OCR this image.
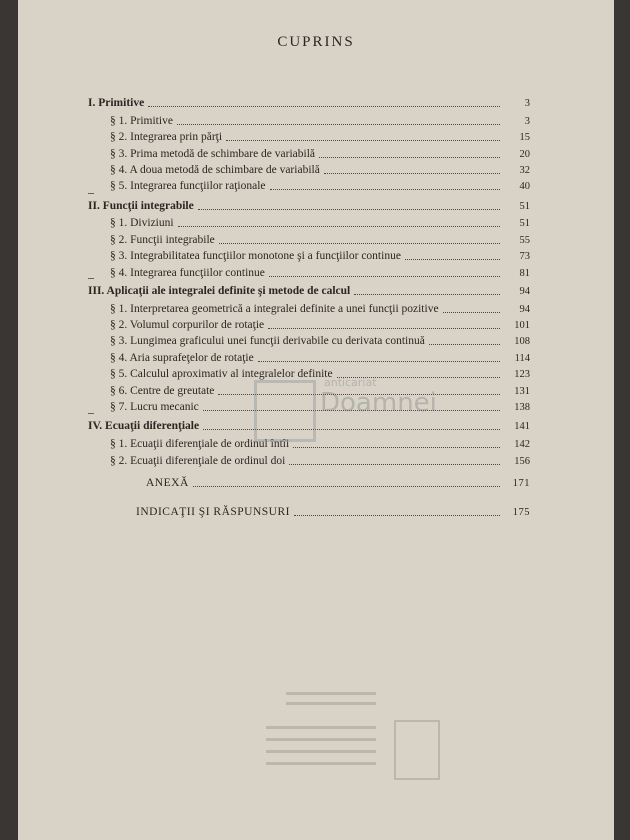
CUPRINS
I. Primitive	3
§ 1. Primitive	3
§ 2. Integrarea prin părţi	15
§ 3. Prima metodă de schimbare de variabilă	20
§ 4. A doua metodă de schimbare de variabilă	32
§ 5. Integrarea funcţiilor raţionale	40
II. Funcţii integrabile	51
§ 1. Diviziuni	51
§ 2. Funcţii integrabile	55
§ 3. Integrabilitatea funcţiilor monotone şi a funcţiilor continue	73
§ 4. Integrarea funcţiilor continue	81
III. Aplicaţii ale integralei definite şi metode de calcul	94
§ 1. Interpretarea geometrică a integralei definite a unei funcţii pozitive	94
§ 2. Volumul corpurilor de rotaţie	101
§ 3. Lungimea graficului unei funcţii derivabile cu derivata continuă	108
§ 4. Aria suprafeţelor de rotaţie	114
§ 5. Calculul aproximativ al integralelor definite	123
§ 6. Centre de greutate	131
§ 7. Lucru mecanic	138
IV. Ecuaţii diferenţiale	141
§ 1. Ecuaţii diferenţiale de ordinul întîi	142
§ 2. Ecuaţii diferenţiale de ordinul doi	156
ANEXĂ	171
INDICAŢII ŞI RĂSPUNSURI	175
anticariat
Doamnei
